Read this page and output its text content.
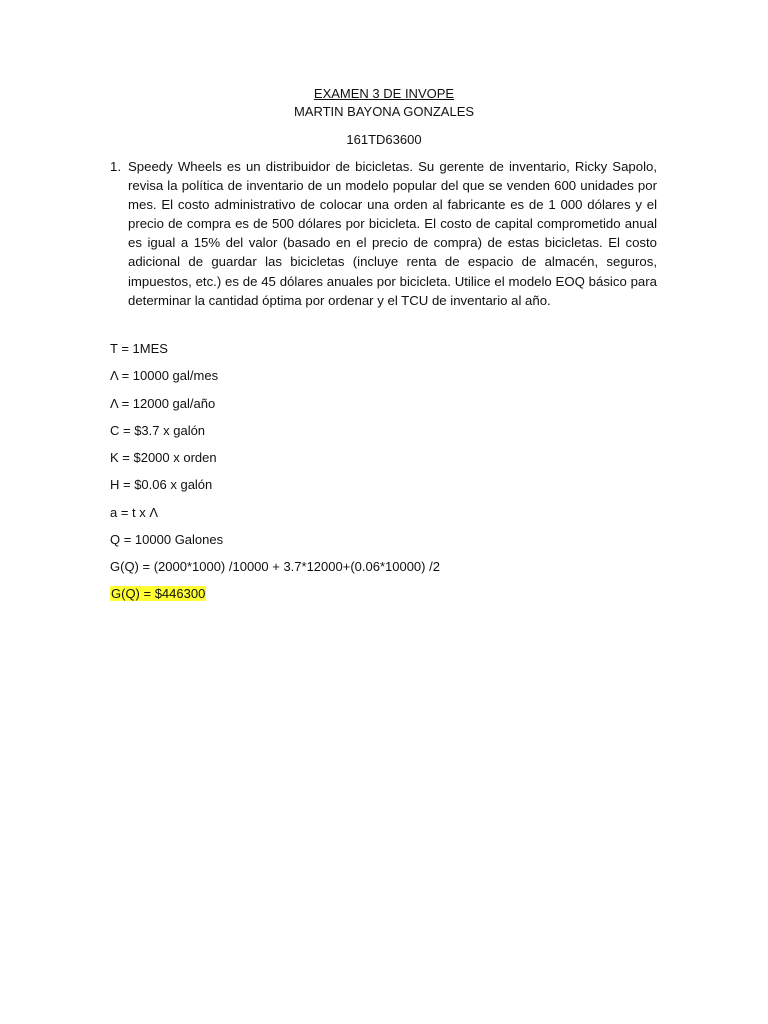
EXAMEN 3 DE INVOPE
MARTIN BAYONA GONZALES
161TD63600
1. Speedy Wheels es un distribuidor de bicicletas. Su gerente de inventario, Ricky Sapolo, revisa la política de inventario de un modelo popular del que se venden 600 unidades por mes. El costo administrativo de colocar una orden al fabricante es de 1 000 dólares y el precio de compra es de 500 dólares por bicicleta. El costo de capital comprometido anual es igual a 15% del valor (basado en el precio de compra) de estas bicicletas. El costo adicional de guardar las bicicletas (incluye renta de espacio de almacén, seguros, impuestos, etc.) es de 45 dólares anuales por bicicleta. Utilice el modelo EOQ básico para determinar la cantidad óptima por ordenar y el TCU de inventario al año.
T = 1MES
Λ = 10000 gal/mes
Λ = 12000 gal/año
C = $3.7 x galón
K = $2000 x orden
H = $0.06 x galón
a = t x Λ
Q = 10000 Galones
G(Q) = (2000*1000) /10000 + 3.7*12000+(0.06*10000) /2
G(Q) = $446300
